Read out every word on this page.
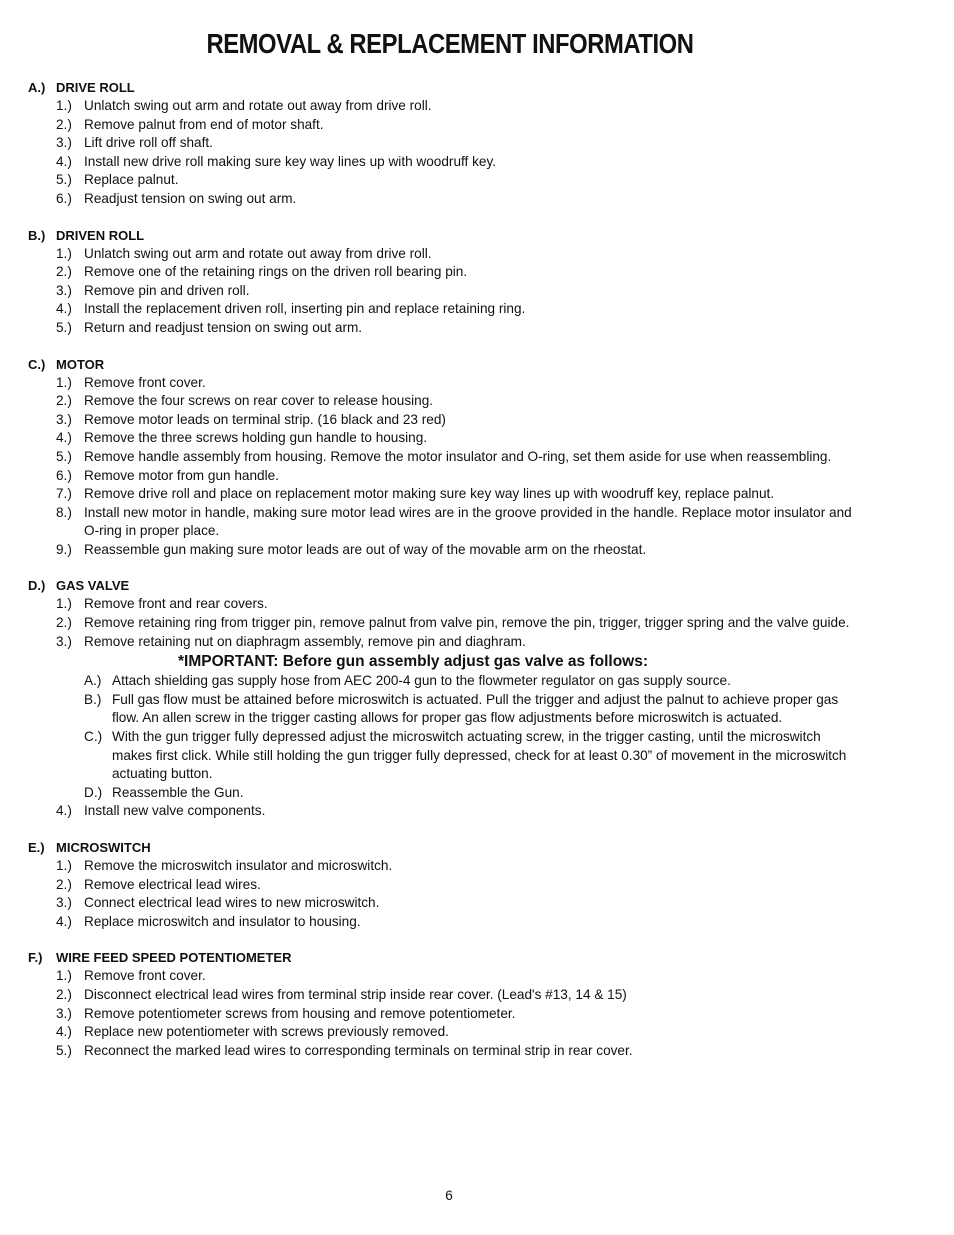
REMOVAL & REPLACEMENT INFORMATION
A.) DRIVE ROLL
1.) Unlatch swing out arm and rotate out away from drive roll.
2.) Remove palnut from end of motor shaft.
3.) Lift drive roll off shaft.
4.) Install new drive roll making sure key way lines up with woodruff key.
5.) Replace palnut.
6.) Readjust tension on swing out arm.
B.) DRIVEN ROLL
1.) Unlatch swing out arm and rotate out away from drive roll.
2.) Remove one of the retaining rings on the driven roll bearing pin.
3.) Remove pin and driven roll.
4.) Install the replacement driven roll, inserting pin and replace retaining ring.
5.) Return and readjust tension on swing out arm.
C.) MOTOR
1.) Remove front cover.
2.) Remove the four screws on rear cover to release housing.
3.) Remove motor leads on terminal strip. (16 black and 23 red)
4.) Remove the three screws holding gun handle to housing.
5.) Remove handle assembly from housing. Remove the motor insulator and O-ring, set them aside for use when reassembling.
6.) Remove motor from gun handle.
7.) Remove drive roll and place on replacement motor making sure key way lines up with woodruff key, replace palnut.
8.) Install new motor in handle, making sure motor lead wires are in the groove provided in the handle. Replace motor insulator and O-ring in proper place.
9.) Reassemble gun making sure motor leads are out of way of the movable arm on the rheostat.
D.) GAS VALVE
1.) Remove front and rear covers.
2.) Remove retaining ring from trigger pin, remove palnut from valve pin, remove the pin, trigger, trigger spring and the valve guide.
3.) Remove retaining nut on diaphragm assembly, remove pin and diaghram.
*IMPORTANT: Before gun assembly adjust gas valve as follows:
A.) Attach shielding gas supply hose from AEC 200-4 gun to the flowmeter regulator on gas supply source.
B.) Full gas flow must be attained before microswitch is actuated. Pull the trigger and adjust the palnut to achieve proper gas flow. An allen screw in the trigger casting allows for proper gas flow adjustments before microswitch is actuated.
C.) With the gun trigger fully depressed adjust the microswitch actuating screw, in the trigger casting, until the microswitch makes first click. While still holding the gun trigger fully depressed, check for at least 0.30” of movement in the microswitch actuating button.
D.) Reassemble the Gun.
4.) Install new valve components.
E.) MICROSWITCH
1.) Remove the microswitch insulator and microswitch.
2.) Remove electrical lead wires.
3.) Connect electrical lead wires to new microswitch.
4.) Replace microswitch and insulator to housing.
F.) WIRE FEED SPEED POTENTIOMETER
1.) Remove front cover.
2.) Disconnect electrical lead wires from terminal strip inside rear cover. (Lead's #13, 14 & 15)
3.) Remove potentiometer screws from housing and remove potentiometer.
4.) Replace new potentiometer with screws previously removed.
5.) Reconnect the marked lead wires to corresponding terminals on terminal strip in rear cover.
6
